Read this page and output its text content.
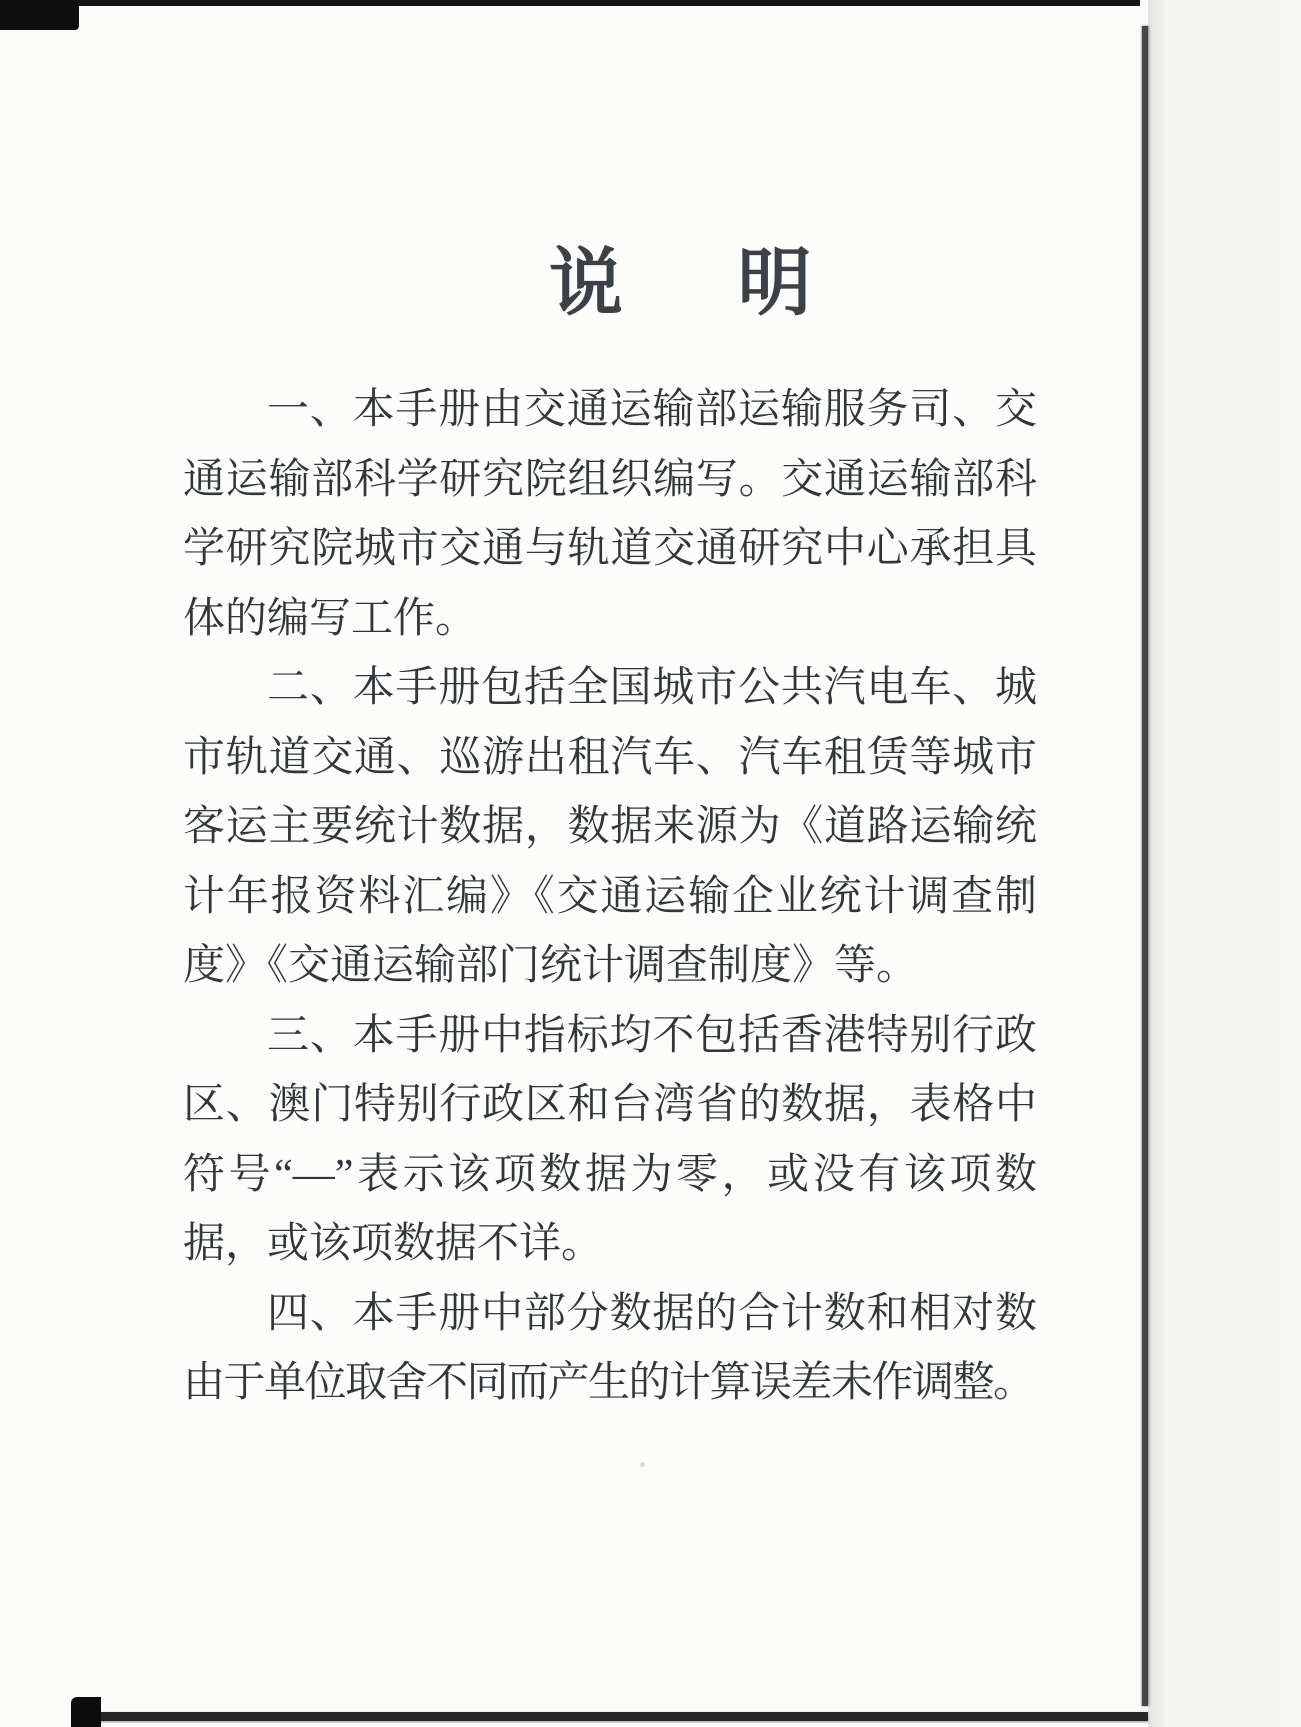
说明
一、本手册由交通运输部运输服务司、交
通运输部科学研究院组织编写。交通运输部科
学研究院城市交通与轨道交通研究中心承担具
体的编写工作。
二、本手册包括全国城市公共汽电车、城
市轨道交通、巡游出租汽车、汽车租赁等城市
客运主要统计数据，数据来源为《道路运输统
计年报资料汇编》《交通运输企业统计调查制
度》《交通运输部门统计调查制度》等。
三、本手册中指标均不包括香港特别行政
区、澳门特别行政区和台湾省的数据，表格中
符号“—”表示该项数据为零，或没有该项数
据，或该项数据不详。
四、本手册中部分数据的合计数和相对数
由于单位取舍不同而产生的计算误差未作调整。
